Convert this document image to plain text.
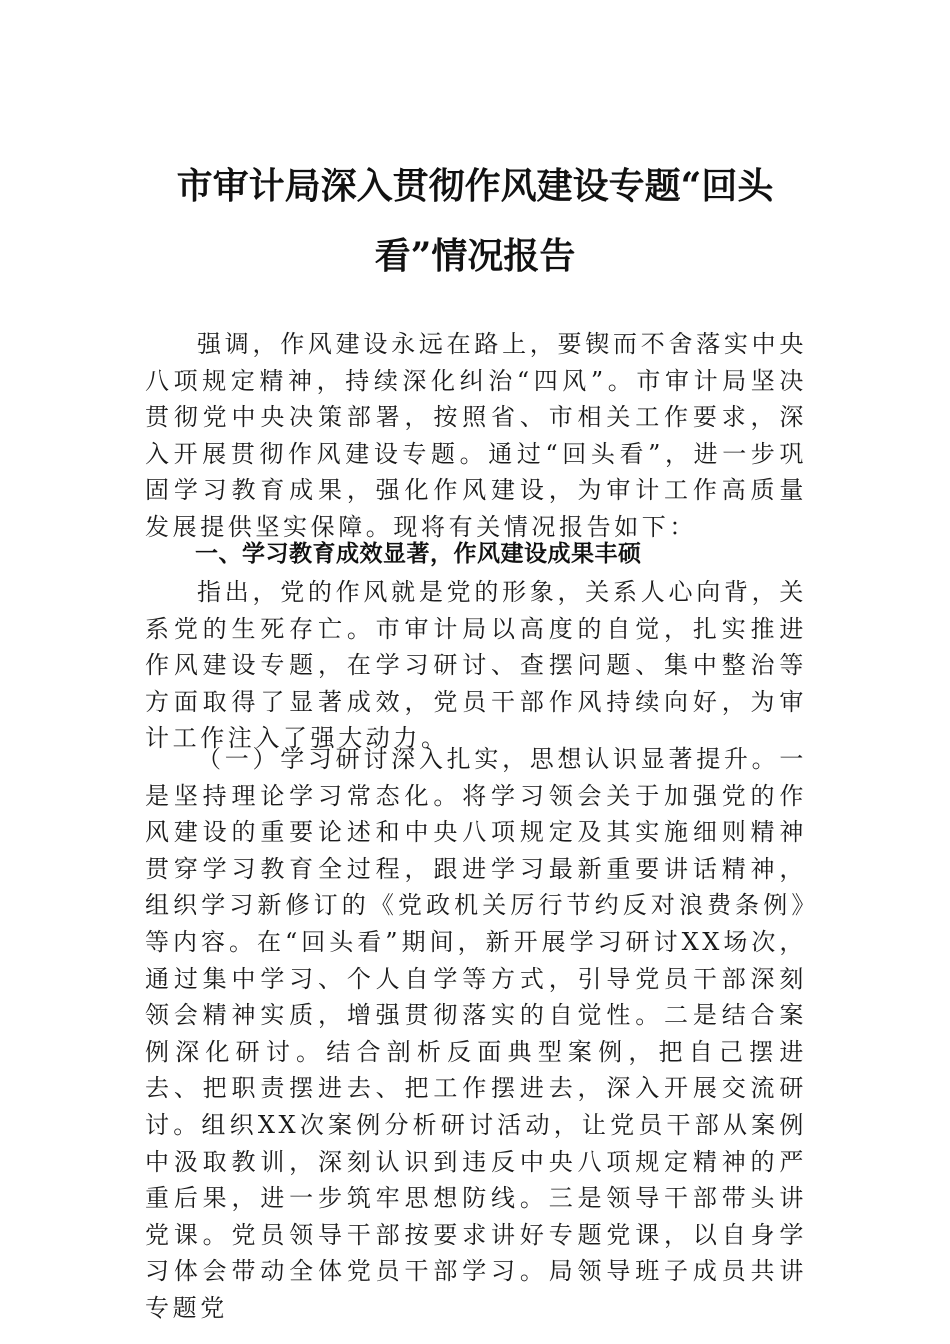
市审计局深入贯彻作风建设专题“回头
看”情况报告
强调，作风建设永远在路上，要锲而不舍落实中央八项规定精神，持续深化纠治“四风”。市审计局坚决贯彻党中央决策部署，按照省、市相关工作要求，深入开展贯彻作风建设专题。通过“回头看”，进一步巩固学习教育成果，强化作风建设，为审计工作高质量发展提供坚实保障。现将有关情况报告如下：
一、学习教育成效显著，作风建设成果丰硕
指出，党的作风就是党的形象，关系人心向背，关系党的生死存亡。市审计局以高度的自觉，扎实推进作风建设专题，在学习研讨、查摆问题、集中整治等方面取得了显著成效，党员干部作风持续向好，为审计工作注入了强大动力。
（一）学习研讨深入扎实，思想认识显著提升。一是坚持理论学习常态化。将学习领会关于加强党的作风建设的重要论述和中央八项规定及其实施细则精神贯穿学习教育全过程，跟进学习最新重要讲话精神，组织学习新修订的《党政机关厉行节约反对浪费条例》等内容。在“回头看”期间，新开展学习研讨XX场次，通过集中学习、个人自学等方式，引导党员干部深刻领会精神实质，增强贯彻落实的自觉性。二是结合案例深化研讨。结合剖析反面典型案例，把自己摆进去、把职责摆进去、把工作摆进去，深入开展交流研讨。组织XX次案例分析研讨活动，让党员干部从案例中汲取教训，深刻认识到违反中央八项规定精神的严重后果，进一步筑牢思想防线。三是领导干部带头讲党课。党员领导干部按要求讲好专题党课，以自身学习体会带动全体党员干部学习。局领导班子成员共讲专题党
